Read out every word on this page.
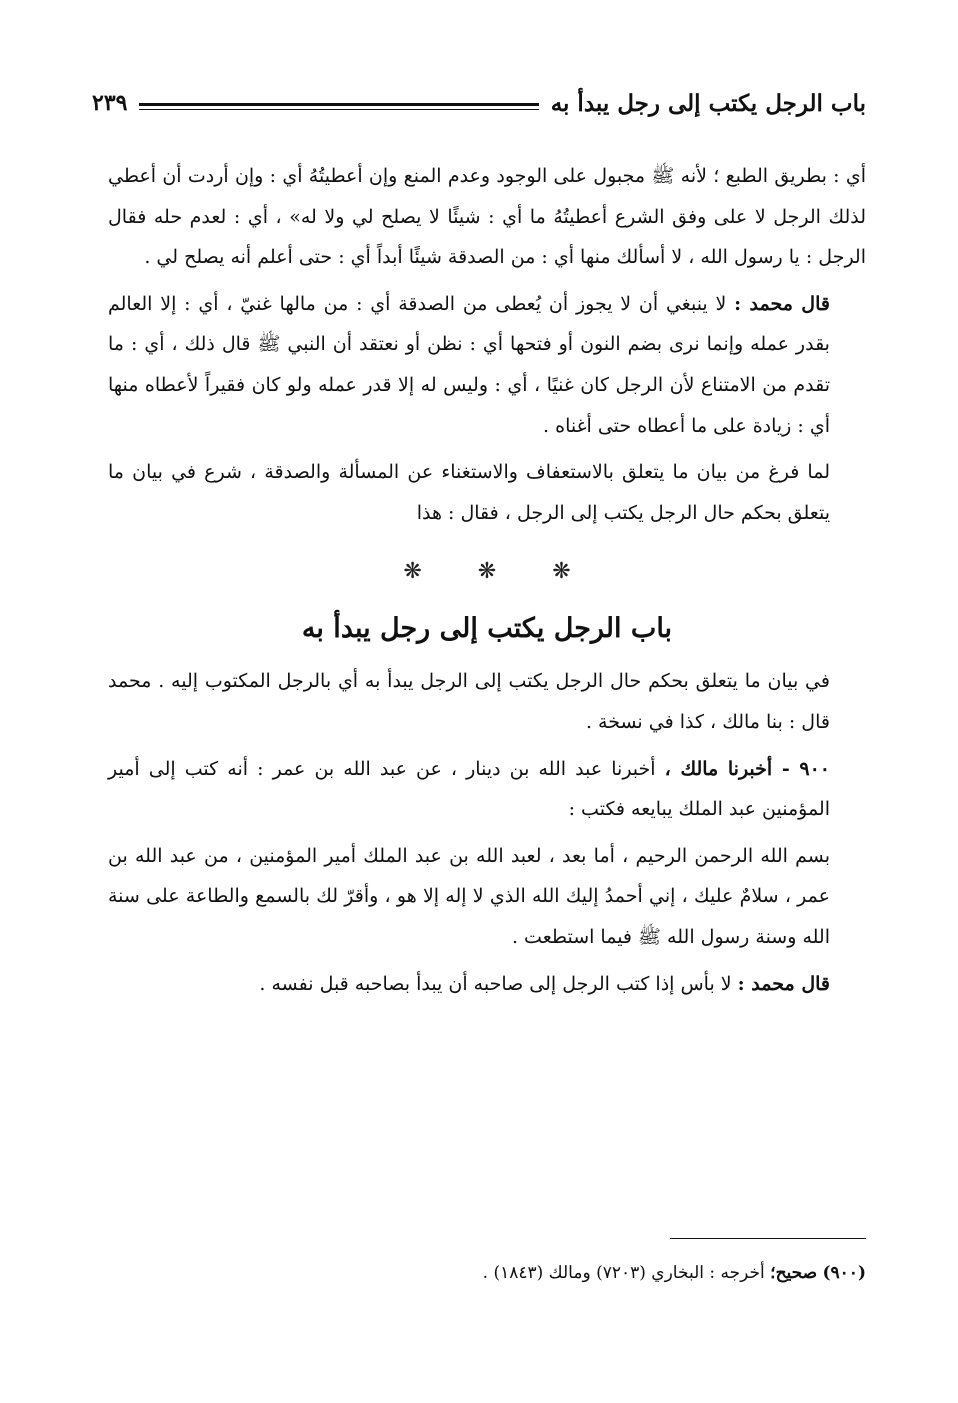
باب الرجل يكتب إلى رجل يبدأ به
٢٣٩

أي : بطريق الطبع ؛ لأنه ﷺ مجبول على الوجود وعدم المنع وإن أعطيتُهُ أي : وإن أردت أن أعطي لذلك الرجل لا على وفق الشرع أعطيتُهُ ما أي : شيئًا لا يصلح لي ولا له» ، أي : لعدم حله فقال الرجل : يا رسول الله ، لا أسألك منها أي : من الصدقة شيئًا أبداً أي : حتى أعلم أنه يصلح لي .

قال محمد : لا ينبغي أن لا يجوز أن يُعطى من الصدقة أي : من مالها غنيّ ، أي : إلا العالم بقدر عمله وإنما نرى بضم النون أو فتحها أي : نظن أو نعتقد أن النبي ﷺ قال ذلك ، أي : ما تقدم من الامتناع لأن الرجل كان غنيًا ، أي : وليس له إلا قدر عمله ولو كان فقيراً لأعطاه منها أي : زيادة على ما أعطاه حتى أغناه .

لما فرغ من بيان ما يتعلق بالاستعفاف والاستغناء عن المسألة والصدقة ، شرع في بيان ما يتعلق بحكم حال الرجل يكتب إلى الرجل ، فقال : هذا

❋
❋
❋
باب الرجل يكتب إلى رجل يبدأ به

في بيان ما يتعلق بحكم حال الرجل يكتب إلى الرجل يبدأ به أي بالرجل المكتوب إليه . محمد قال : بنا مالك ، كذا في نسخة .

٩٠٠ - أخبرنا مالك ، أخبرنا عبد الله بن دينار ، عن عبد الله بن عمر : أنه كتب إلى أمير المؤمنين عبد الملك يبايعه فكتب :

بسم الله الرحمن الرحيم ، أما بعد ، لعبد الله بن عبد الملك أمير المؤمنين ، من عبد الله بن عمر ، سلامٌ عليك ، إني أحمدُ إليك الله الذي لا إله إلا هو ، وأقرّ لك بالسمع والطاعة على سنة الله وسنة رسول الله ﷺ فيما استطعت .

قال محمد : لا بأس إذا كتب الرجل إلى صاحبه أن يبدأ بصاحبه قبل نفسه .

(٩٠٠) صحيح؛ أخرجه : البخاري (٧٢٠٣) ومالك (١٨٤٣) .
